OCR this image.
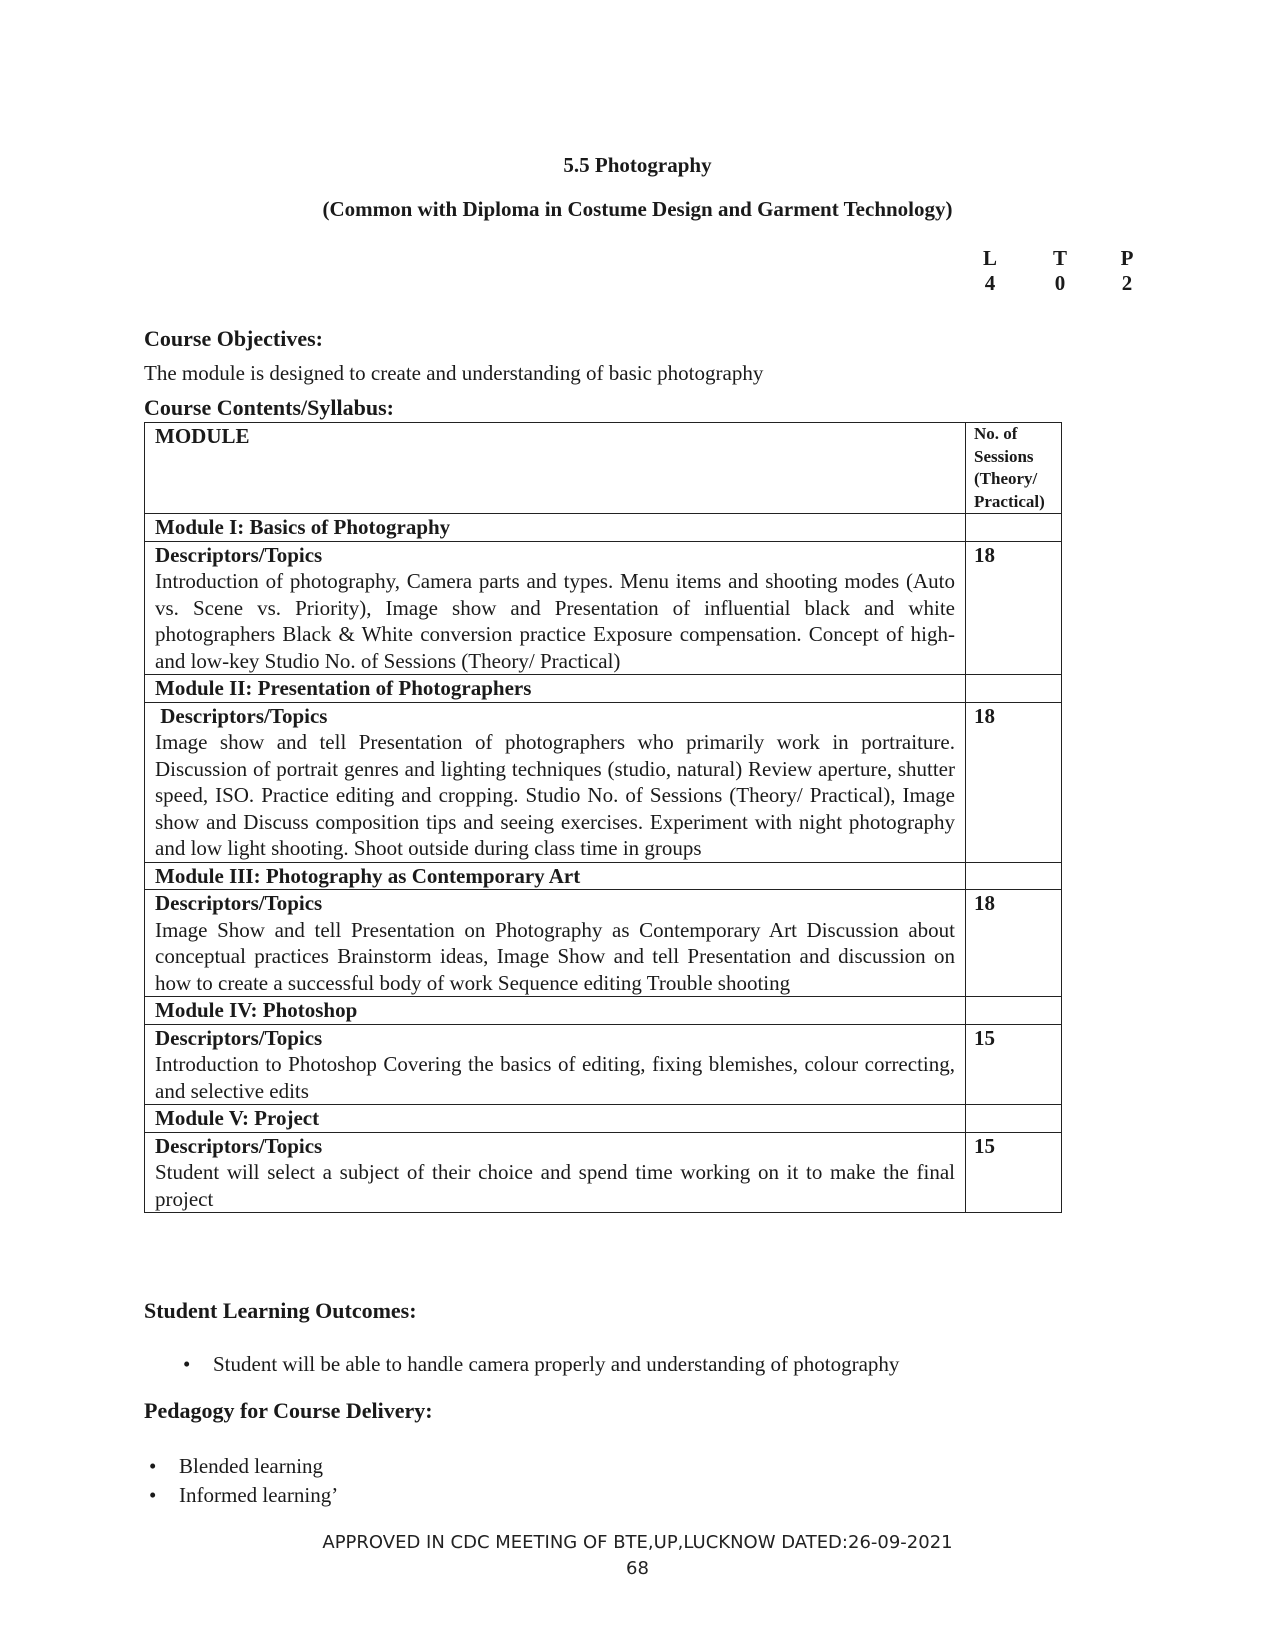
5.5 Photography
(Common with Diploma in Costume Design and Garment Technology)
L	T	P
4	0	2
Course Objectives:
The module is designed to create and understanding of basic photography
Course Contents/Syllabus:
MODULE	No. of Sessions (Theory/ Practical)
Module I: Basics of Photography	

Descriptors/Topics
Introduction of photography, Camera parts and types. Menu items and shooting modes (Auto vs. Scene vs. Priority), Image show and Presentation of influential black and white photographers Black & White conversion practice Exposure compensation. Concept of high- and low-key Studio No. of Sessions (Theory/ Practical)	18
Module II: Presentation of Photographers	

Descriptors/Topics
Image show and tell Presentation of photographers who primarily work in portraiture. Discussion of portrait genres and lighting techniques (studio, natural) Review aperture, shutter speed, ISO. Practice editing and cropping. Studio No. of Sessions (Theory/ Practical), Image show and Discuss composition tips and seeing exercises. Experiment with night photography and low light shooting. Shoot outside during class time in groups	18
Module III: Photography as Contemporary Art	

Descriptors/Topics
Image Show and tell Presentation on Photography as Contemporary Art Discussion about conceptual practices Brainstorm ideas, Image Show and tell Presentation and discussion on how to create a successful body of work Sequence editing Trouble shooting	18
Module IV: Photoshop	

Descriptors/Topics
Introduction to Photoshop Covering the basics of editing, fixing blemishes, colour correcting, and selective edits	15
Module V: Project	

Descriptors/Topics
Student will select a subject of their choice and spend time working on it to make the final project	15
Student Learning Outcomes:
• Student will be able to handle camera properly and understanding of photography
Pedagogy for Course Delivery:
• Blended learning
• Informed learning’
APPROVED IN CDC MEETING OF BTE,UP,LUCKNOW DATED:26-09-2021
68
